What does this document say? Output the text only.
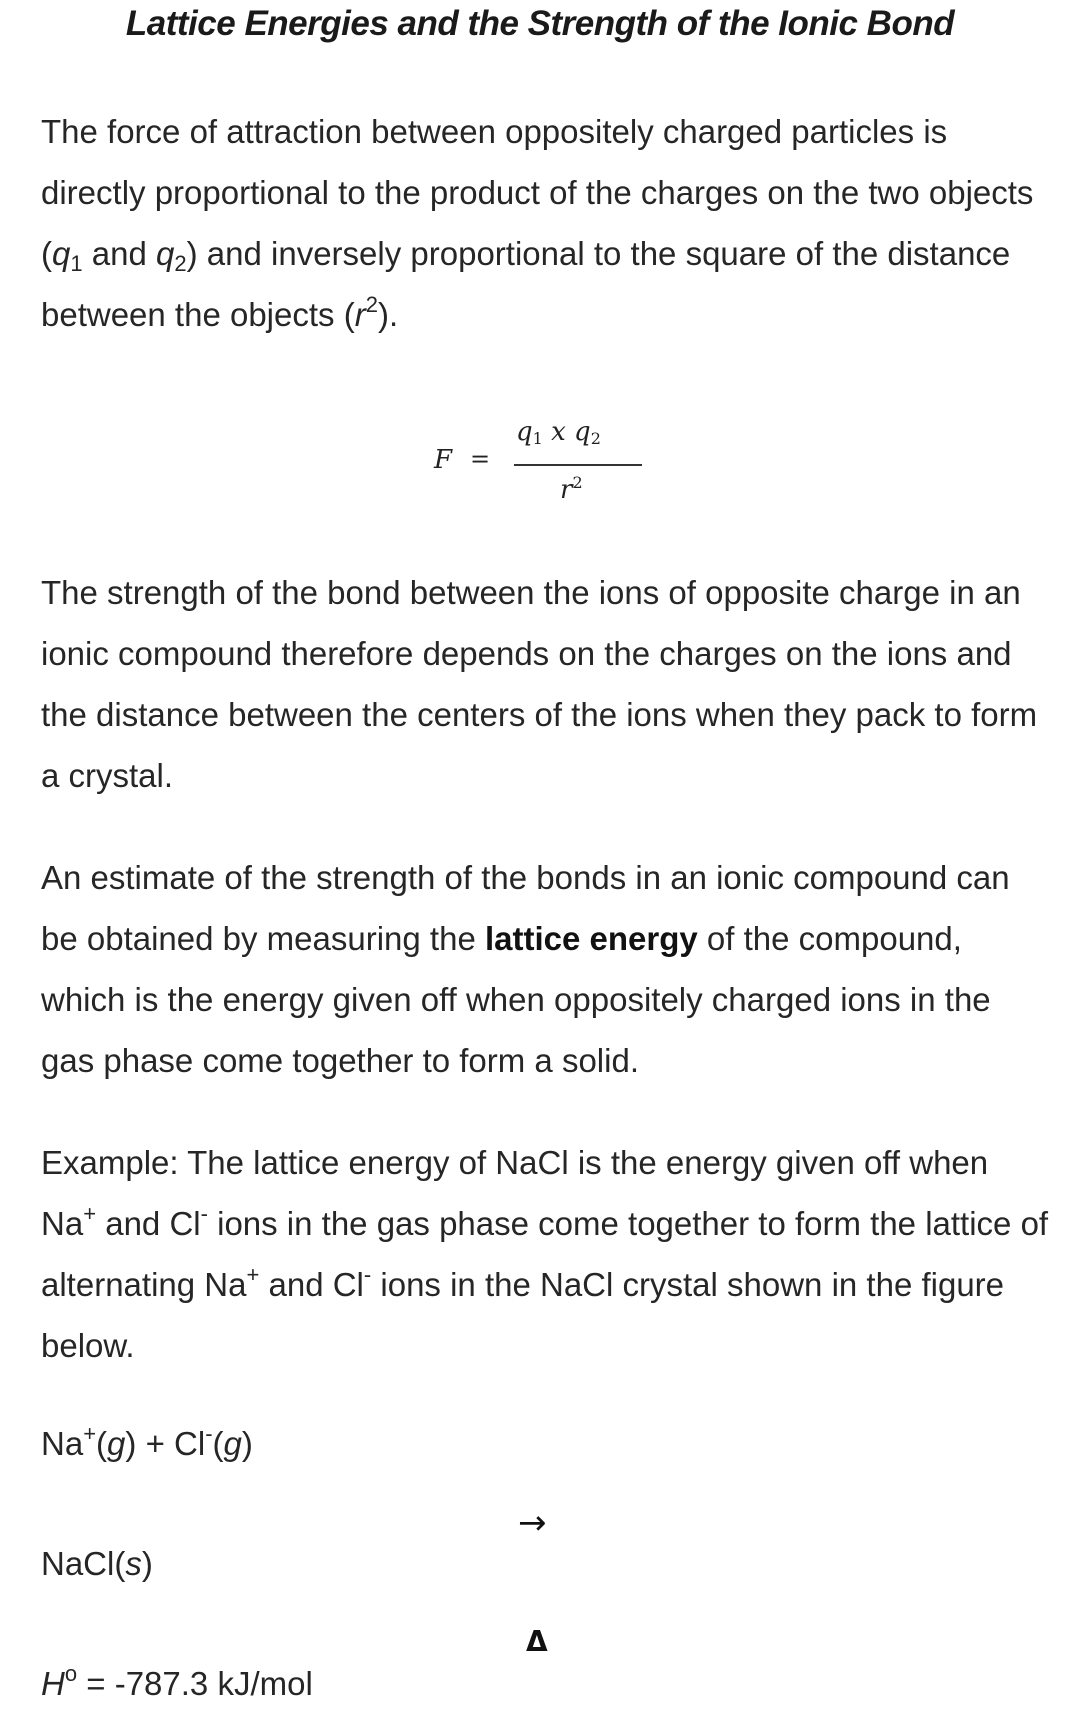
Lattice Energies and the Strength of the Ionic Bond
The force of attraction between oppositely charged particles is directly proportional to the product of the charges on the two objects ($q_1$ and $q_2$) and inversely proportional to the square of the distance between the objects $(r^2)$.
F =
$q_1$ x $q_2$
$r^2$
The strength of the bond between the ions of opposite charge in an ionic compound therefore depends on the charges on the ions and the distance between the centers of the ions when they pack to form a crystal.
An estimate of the strength of the bonds in an ionic compound can be obtained by measuring the lattice energy of the compound, which is the energy given off when oppositely charged ions in the gas phase come together to form a solid.
Example: The lattice energy of NaCl is the energy given off when Na+ and Cl- ions in the gas phase come together to form the lattice of alternating Na+ and Cl- ions in the NaCl crystal shown in the figure below.
Na+(g) + Cl-(g)
→
NaCl(s)
Δ
$H^o = -787.3$ kJ/mol
